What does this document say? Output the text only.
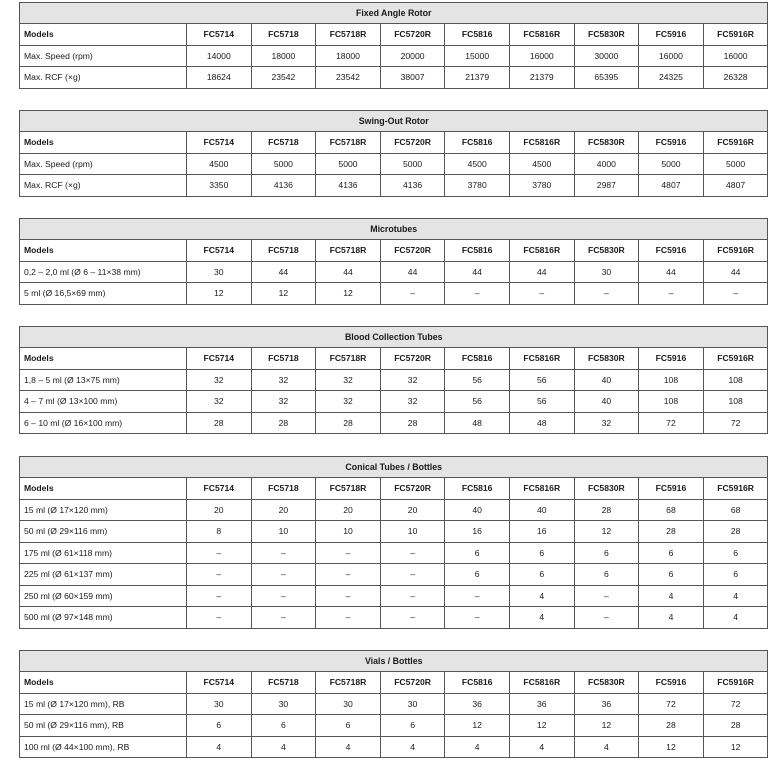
Fixed Angle Rotor									
Models	FC5714	FC5718	FC5718R	FC5720R	FC5816	FC5816R	FC5830R	FC5916	FC5916R
Max. Speed (rpm)	14000	18000	18000	20000	15000	16000	30000	16000	16000
Max. RCF (×g)	18624	23542	23542	38007	21379	21379	65395	24325	26328
Swing-Out Rotor									
Models	FC5714	FC5718	FC5718R	FC5720R	FC5816	FC5816R	FC5830R	FC5916	FC5916R
Max. Speed (rpm)	4500	5000	5000	5000	4500	4500	4000	5000	5000
Max. RCF (×g)	3350	4136	4136	4136	3780	3780	2987	4807	4807
Microtubes									
Models	FC5714	FC5718	FC5718R	FC5720R	FC5816	FC5816R	FC5830R	FC5916	FC5916R
0,2 – 2,0 ml (Ø 6 – 11×38 mm)	30	44	44	44	44	44	30	44	44
5 ml (Ø 16,5×69 mm)	12	12	12	–	–	–	–	–	–
Blood Collection Tubes									
Models	FC5714	FC5718	FC5718R	FC5720R	FC5816	FC5816R	FC5830R	FC5916	FC5916R
1,8 – 5 ml (Ø 13×75 mm)	32	32	32	32	56	56	40	108	108
4 – 7 ml (Ø 13×100 mm)	32	32	32	32	56	56	40	108	108
6 – 10 ml (Ø 16×100 mm)	28	28	28	28	48	48	32	72	72
Conical Tubes / Bottles									
Models	FC5714	FC5718	FC5718R	FC5720R	FC5816	FC5816R	FC5830R	FC5916	FC5916R
15 ml (Ø 17×120 mm)	20	20	20	20	40	40	28	68	68
50 ml (Ø 29×116 mm)	8	10	10	10	16	16	12	28	28
175 ml (Ø 61×118 mm)	–	–	–	–	6	6	6	6	6
225 ml (Ø 61×137 mm)	–	–	–	–	6	6	6	6	6
250 ml (Ø 60×159 mm)	–	–	–	–	–	4	–	4	4
500 ml (Ø 97×148 mm)	–	–	–	–	–	4	–	4	4
Vials / Bottles									
Models	FC5714	FC5718	FC5718R	FC5720R	FC5816	FC5816R	FC5830R	FC5916	FC5916R
15 ml (Ø 17×120 mm), RB	30	30	30	30	36	36	36	72	72
50 ml (Ø 29×116 mm), RB	6	6	6	6	12	12	12	28	28
100 ml (Ø 44×100 mm), RB	4	4	4	4	4	4	4	12	12
